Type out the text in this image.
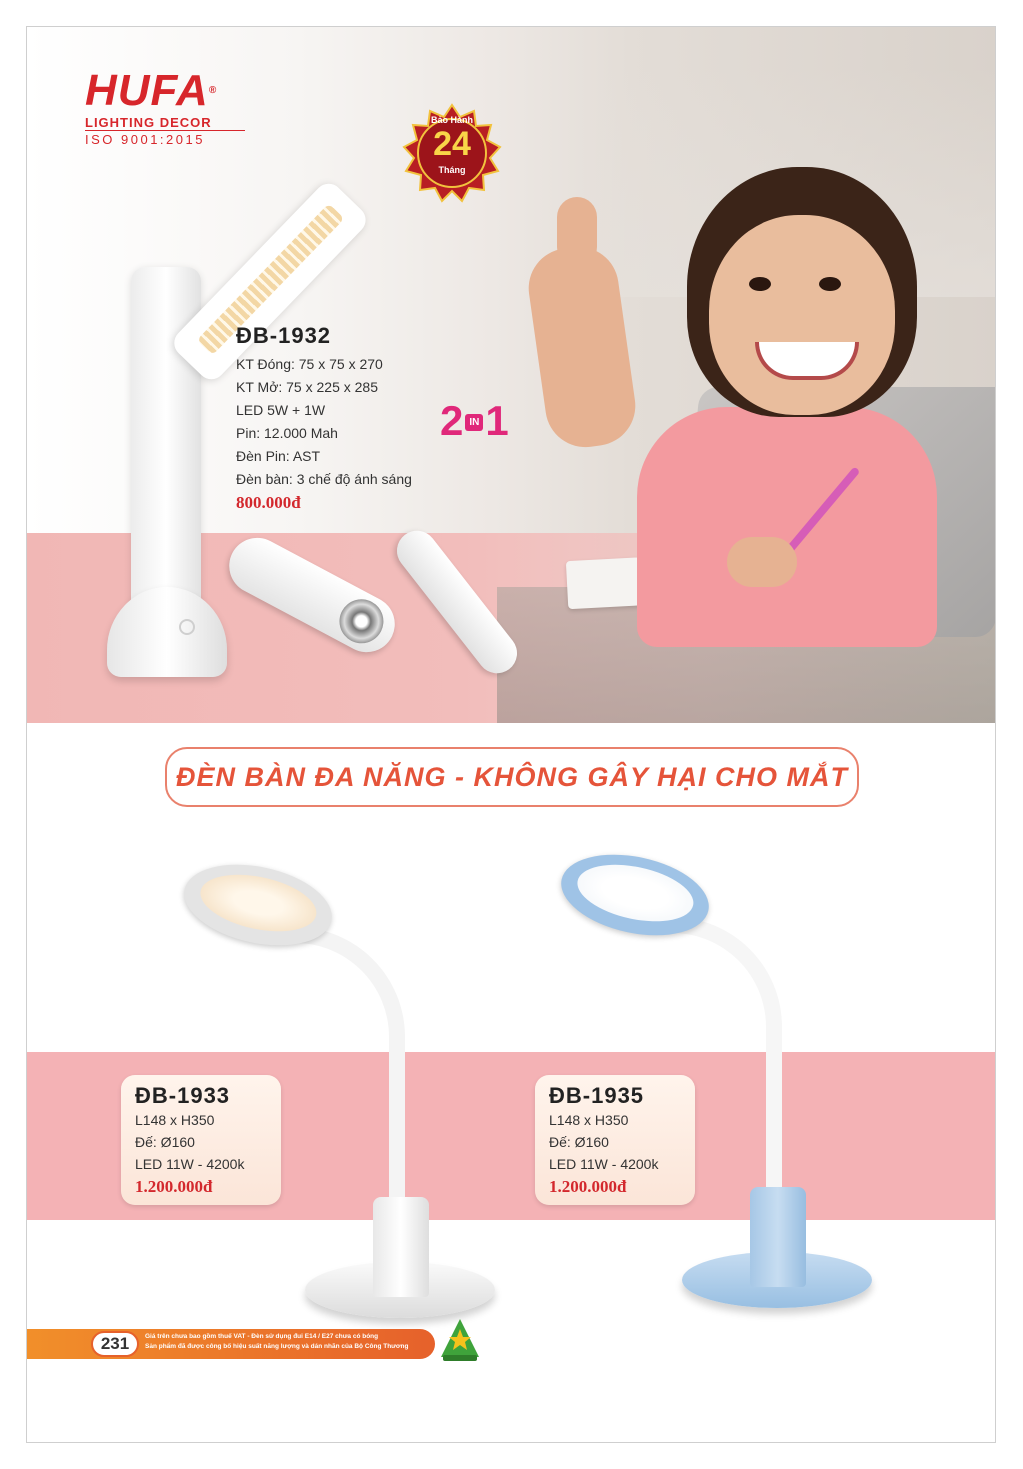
HUFA®
LIGHTING DECOR
ISO 9001:2015
Bảo Hành
24
Tháng
ĐB-1932
KT Đóng: 75 x 75 x 270
KT Mở: 75 x 225 x 285
LED 5W + 1W
Pin: 12.000 Mah
Đèn Pin: AST
Đèn bàn: 3 chế độ ánh sáng
800.000đ
2 IN 1
ĐÈN BÀN ĐA NĂNG - KHÔNG GÂY HẠI CHO MẮT
ĐB-1933
L148 x H350
Đế: Ø160
LED 11W - 4200k
1.200.000đ
ĐB-1935
L148 x H350
Đế: Ø160
LED 11W - 4200k
1.200.000đ
231	Giá trên chưa bao gồm thuế VAT - Đèn sử dụng đui E14 / E27 chưa có bóng
Sản phẩm đã được công bố hiệu suất năng lượng và dán nhãn của Bộ Công Thương
